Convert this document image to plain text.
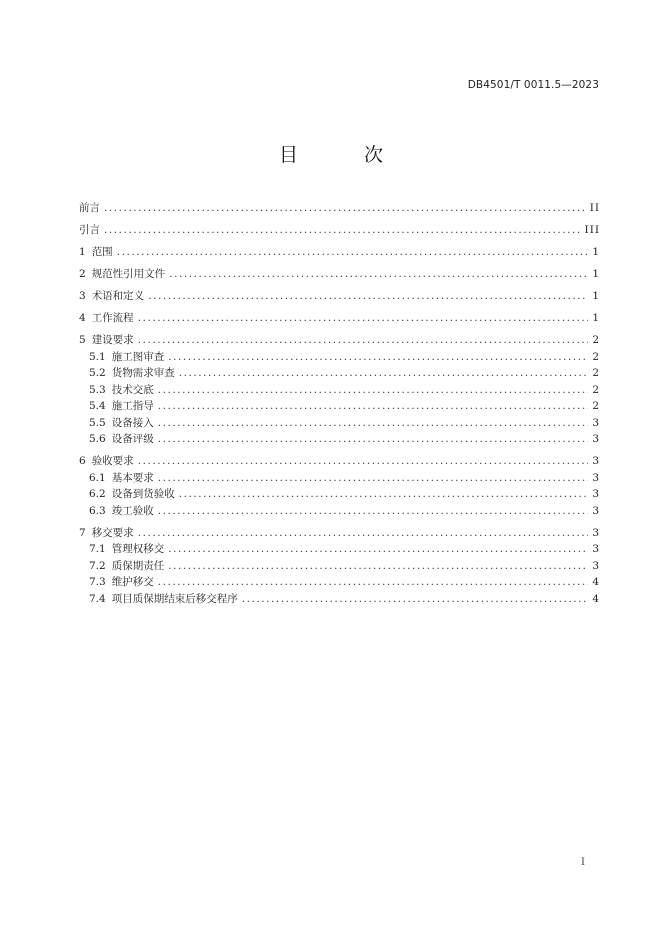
DB4501/T 0011.5—2023
目 次
前言 . . .	II
引言 . . .	III
1 范围 . . .	1
2 规范性引用文件 . . .	1
3 术语和定义 . . .	1
4 工作流程 . . .	1
5 建设要求 . . .	2
5.1 施工图审查 . . .	2
5.2 货物需求审查 . . .	2
5.3 技术交底 . . .	2
5.4 施工指导 . . .	2
5.5 设备接入 . . .	3
5.6 设备评级 . . .	3
6 验收要求 . . .	3
6.1 基本要求 . . .	3
6.2 设备到货验收 . . .	3
6.3 竣工验收 . . .	3
7 移交要求 . . .	3
7.1 管理权移交 . . .	3
7.2 质保期责任 . . .	3
7.3 维护移交 . . .	4
7.4 项目质保期结束后移交程序 . . .	4
I
